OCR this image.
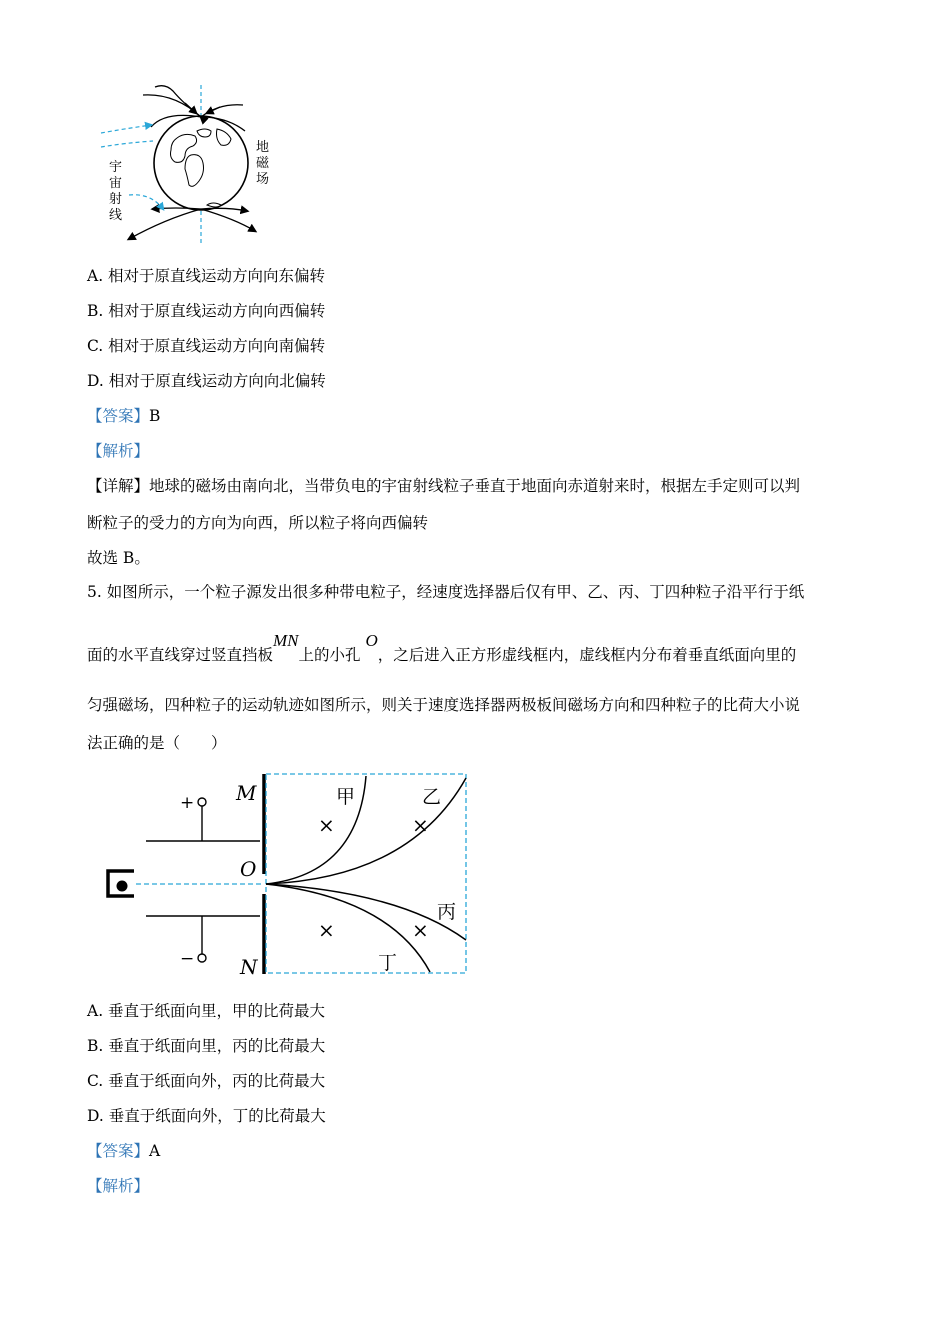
地
磁
场
宇
宙
射
线
A. 相对于原直线运动方向向东偏转
B. 相对于原直线运动方向向西偏转
C. 相对于原直线运动方向向南偏转
D. 相对于原直线运动方向向北偏转
【答案】B
【解析】
【详解】地球的磁场由南向北，当带负电的宇宙射线粒子垂直于地面向赤道射来时，根据左手定则可以判
断粒子的受力的方向为向西，所以粒子将向西偏转
故选 B。
5. 如图所示，一个粒子源发出很多种带电粒子，经速度选择器后仅有甲、乙、丙、丁四种粒子沿平行于纸
面的水平直线穿过竖直挡板MN上的小孔 O，之后进入正方形虚线框内，虚线框内分布着垂直纸面向里的
匀强磁场，四种粒子的运动轨迹如图所示，则关于速度选择器两极板间磁场方向和四种粒子的比荷大小说
法正确的是（　　）
+
−
M
O
N
×	×
×	×
甲	乙
丙
丁
A. 垂直于纸面向里，甲的比荷最大
B. 垂直于纸面向里，丙的比荷最大
C. 垂直于纸面向外，丙的比荷最大
D. 垂直于纸面向外，丁的比荷最大
【答案】A
【解析】
